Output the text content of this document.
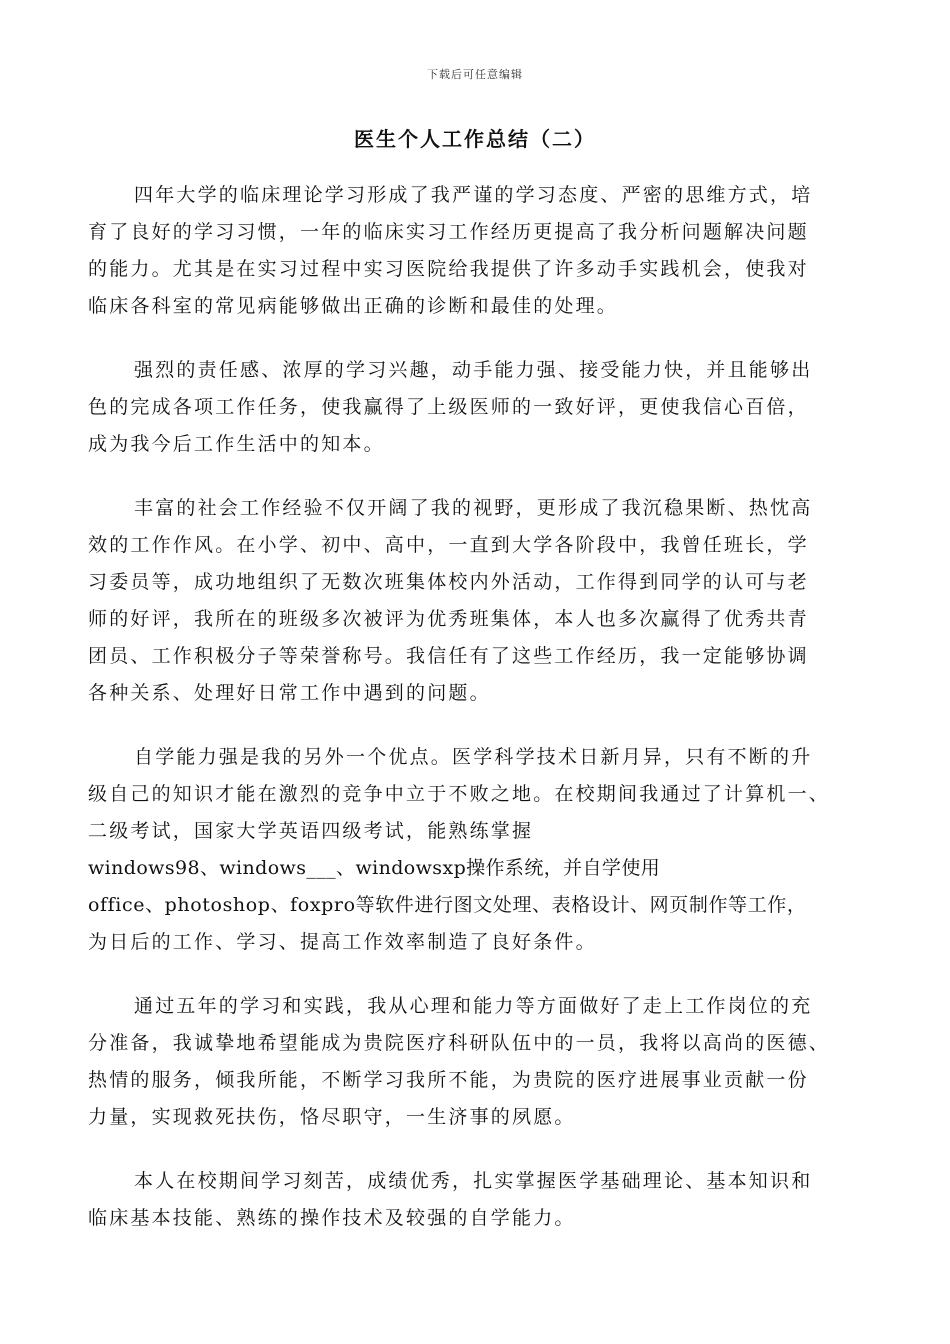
下载后可任意编辑
医生个人工作总结（二）

四年大学的临床理论学习形成了我严谨的学习态度、严密的思维方式，培
育了良好的学习习惯，一年的临床实习工作经历更提高了我分析问题解决问题
的能力。尤其是在实习过程中实习医院给我提供了许多动手实践机会，使我对
临床各科室的常见病能够做出正确的诊断和最佳的处理。

强烈的责任感、浓厚的学习兴趣，动手能力强、接受能力快，并且能够出
色的完成各项工作任务，使我赢得了上级医师的一致好评，更使我信心百倍，
成为我今后工作生活中的知本。

丰富的社会工作经验不仅开阔了我的视野，更形成了我沉稳果断、热忱高
效的工作作风。在小学、初中、高中，一直到大学各阶段中，我曾任班长，学
习委员等，成功地组织了无数次班集体校内外活动，工作得到同学的认可与老
师的好评，我所在的班级多次被评为优秀班集体，本人也多次赢得了优秀共青
团员、工作积极分子等荣誉称号。我信任有了这些工作经历，我一定能够协调
各种关系、处理好日常工作中遇到的问题。

自学能力强是我的另外一个优点。医学科学技术日新月异，只有不断的升
级自己的知识才能在激烈的竞争中立于不败之地。在校期间我通过了计算机一、
二级考试，国家大学英语四级考试，能熟练掌握
windows98、windows___、windowsxp操作系统，并自学使用
office、photoshop、foxpro等软件进行图文处理、表格设计、网页制作等工作，
为日后的工作、学习、提高工作效率制造了良好条件。

通过五年的学习和实践，我从心理和能力等方面做好了走上工作岗位的充
分准备，我诚挚地希望能成为贵院医疗科研队伍中的一员，我将以高尚的医德、
热情的服务，倾我所能，不断学习我所不能，为贵院的医疗进展事业贡献一份
力量，实现救死扶伤，恪尽职守，一生济事的夙愿。

本人在校期间学习刻苦，成绩优秀，扎实掌握医学基础理论、基本知识和
临床基本技能、熟练的操作技术及较强的自学能力。
